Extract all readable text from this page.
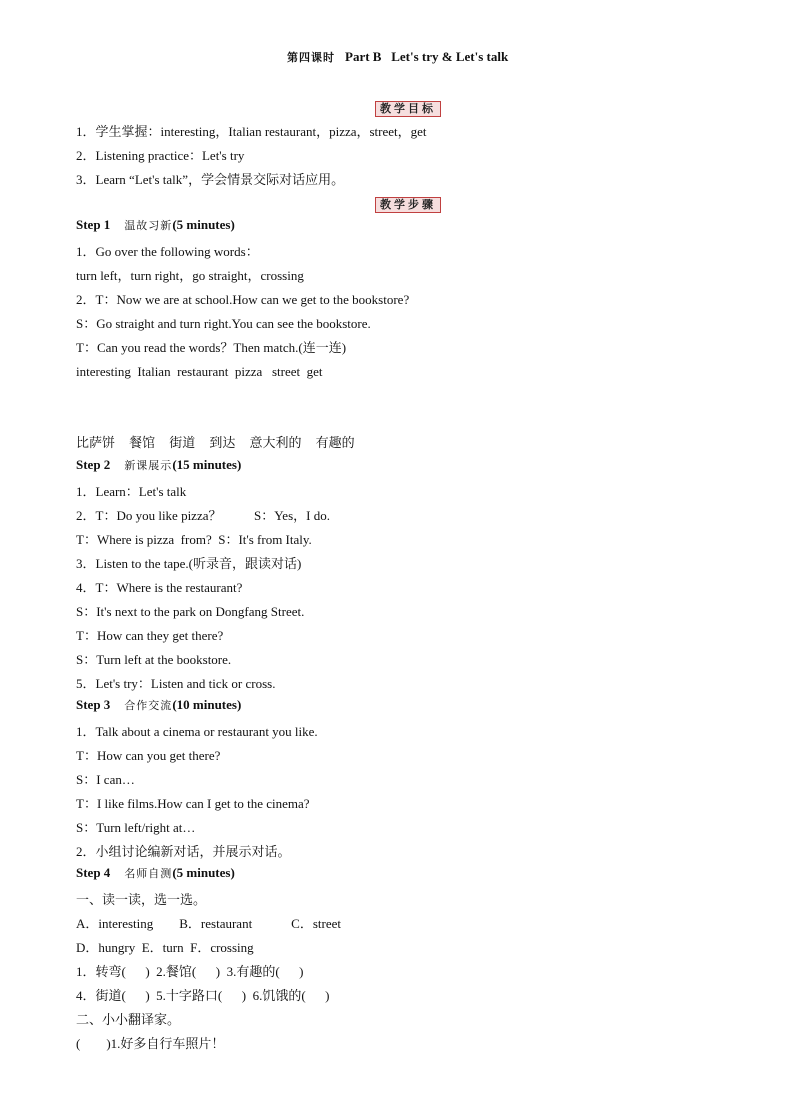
第四课时 Part B   Let's try & Let's talk
教学目标
1．学生掌握：interesting，Italian restaurant，pizza，street，get
2．Listening practice：Let's try
3．Learn “Let's talk”，学会情景交际对话应用。
教学步骤
Step 1 温故习新(5 minutes)
1．Go over the following words：
turn left，turn right，go straight，crossing
2．T：Now we are at school.How can we get to the bookstore?
S：Go straight and turn right.You can see the bookstore.
T：Can you read the words？Then match.(连一连)
interesting  Italian  restaurant  pizza   street  get
比萨饼 餐馆 街道 到达 意大利的 有趣的
Step 2 新课展示(15 minutes)
1．Learn：Let's talk
2．T：Do you like pizza？          S：Yes，I do.
T：Where is pizza  from?  S：It's from Italy.
3．Listen to the tape.(听录音，跟读对话)
4．T：Where is the restaurant?
S：It's next to the park on Dongfang Street.
T：How can they get there?
S：Turn left at the bookstore.
5．Let's try：Listen and tick or cross.
Step 3 合作交流(10 minutes)
1．Talk about a cinema or restaurant you like.
T：How can you get there?
S：I can…
T：I like films.How can I get to the cinema?
S：Turn left/right at…
2．小组讨论编新对话，并展示对话。
Step 4 名师自测(5 minutes)
一、读一读，选一选。
A．interesting        B．restaurant            C．street
D．hungry  E．turn  F．crossing
1．转弯(      )  2.餐馆(      )  3.有趣的(      )
4．街道(      )  5.十字路口(      )  6.饥饿的(      )
二、小小翻译家。
(        )1.好多自行车照片！
